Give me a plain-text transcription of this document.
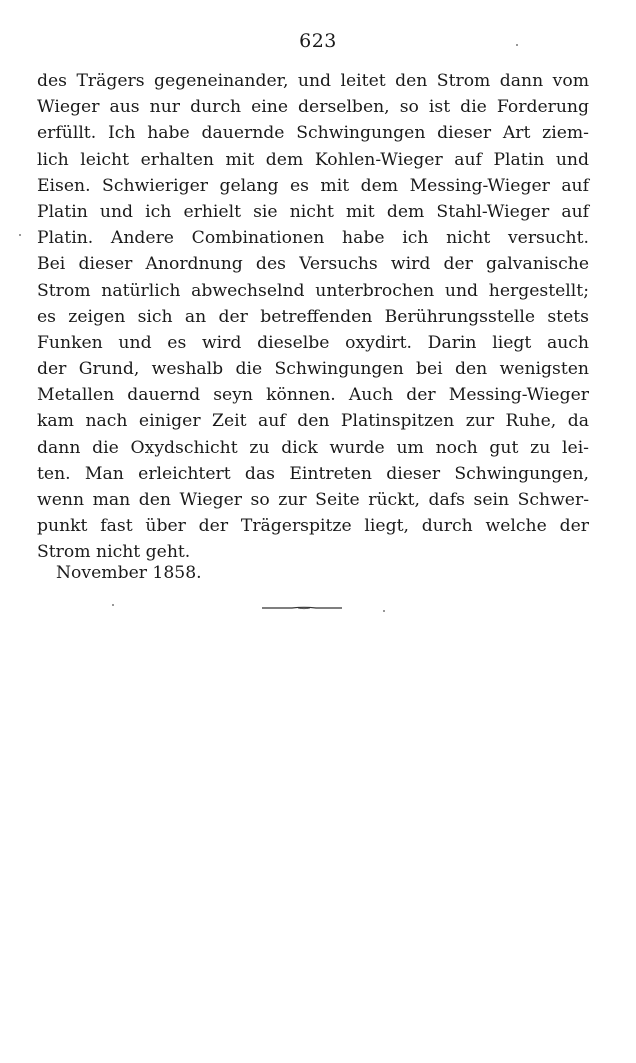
623
des Trägers gegeneinander, und leitet den Strom dann vom
Wieger aus nur durch eine derselben, so ist die Forderung
erfüllt. Ich habe dauernde Schwingungen dieser Art ziem-
lich leicht erhalten mit dem Kohlen-Wieger auf Platin und
Eisen. Schwieriger gelang es mit dem Messing-Wieger auf
Platin und ich erhielt sie nicht mit dem Stahl-Wieger auf
Platin. Andere Combinationen habe ich nicht versucht.
Bei dieser Anordnung des Versuchs wird der galvanische
Strom natürlich abwechselnd unterbrochen und hergestellt;
es zeigen sich an der betreffenden Berührungsstelle stets
Funken und es wird dieselbe oxydirt. Darin liegt auch
der Grund, weshalb die Schwingungen bei den wenigsten
Metallen dauernd seyn können. Auch der Messing-Wieger
kam nach einiger Zeit auf den Platinspitzen zur Ruhe, da
dann die Oxydschicht zu dick wurde um noch gut zu lei-
ten. Man erleichtert das Eintreten dieser Schwingungen,
wenn man den Wieger so zur Seite rückt, dafs sein Schwer-
punkt fast über der Trägerspitze liegt, durch welche der
Strom nicht geht.
November 1858.
